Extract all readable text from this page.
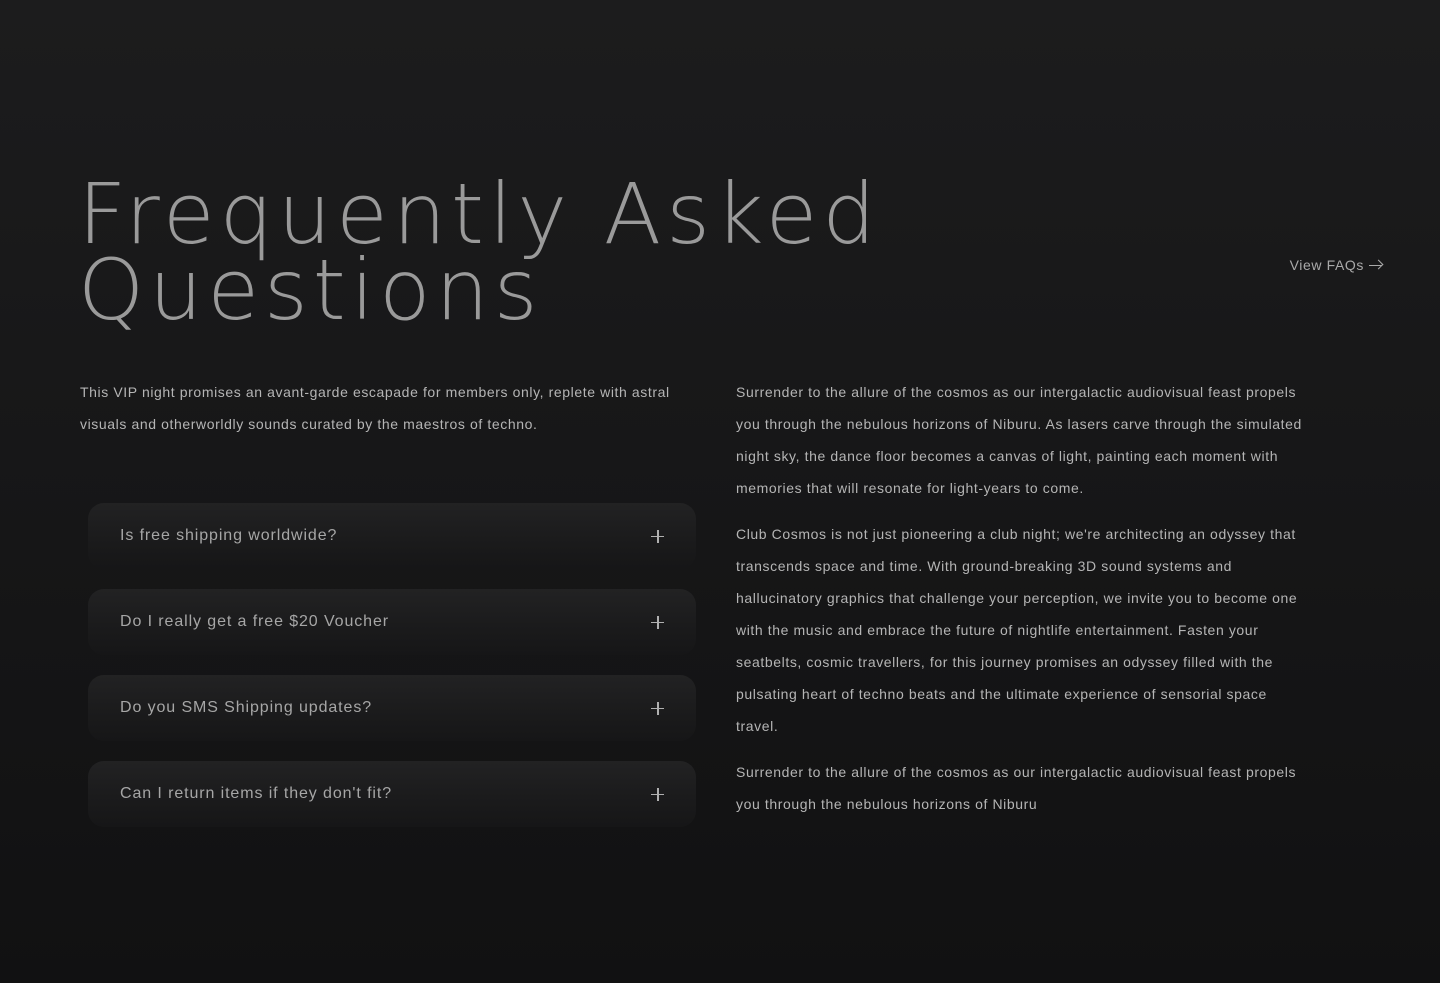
Frequently Asked
Questions	View FAQs

This VIP night promises an avant-garde escapade for members only, replete with astral visuals and otherworldly sounds curated by the maestros of techno.

Is free shipping worldwide?
Do I really get a free $20 Voucher
Do you SMS Shipping updates?
Can I return items if they don't fit?

Surrender to the allure of the cosmos as our intergalactic audiovisual feast propels you through the nebulous horizons of Niburu. As lasers carve through the simulated night sky, the dance floor becomes a canvas of light, painting each moment with memories that will resonate for light-years to come.

Club Cosmos is not just pioneering a club night; we're architecting an odyssey that transcends space and time. With ground-breaking 3D sound systems and hallucinatory graphics that challenge your perception, we invite you to become one with the music and embrace the future of nightlife entertainment. Fasten your seatbelts, cosmic travellers, for this journey promises an odyssey filled with the pulsating heart of techno beats and the ultimate experience of sensorial space travel.

Surrender to the allure of the cosmos as our intergalactic audiovisual feast propels you through the nebulous horizons of Niburu
